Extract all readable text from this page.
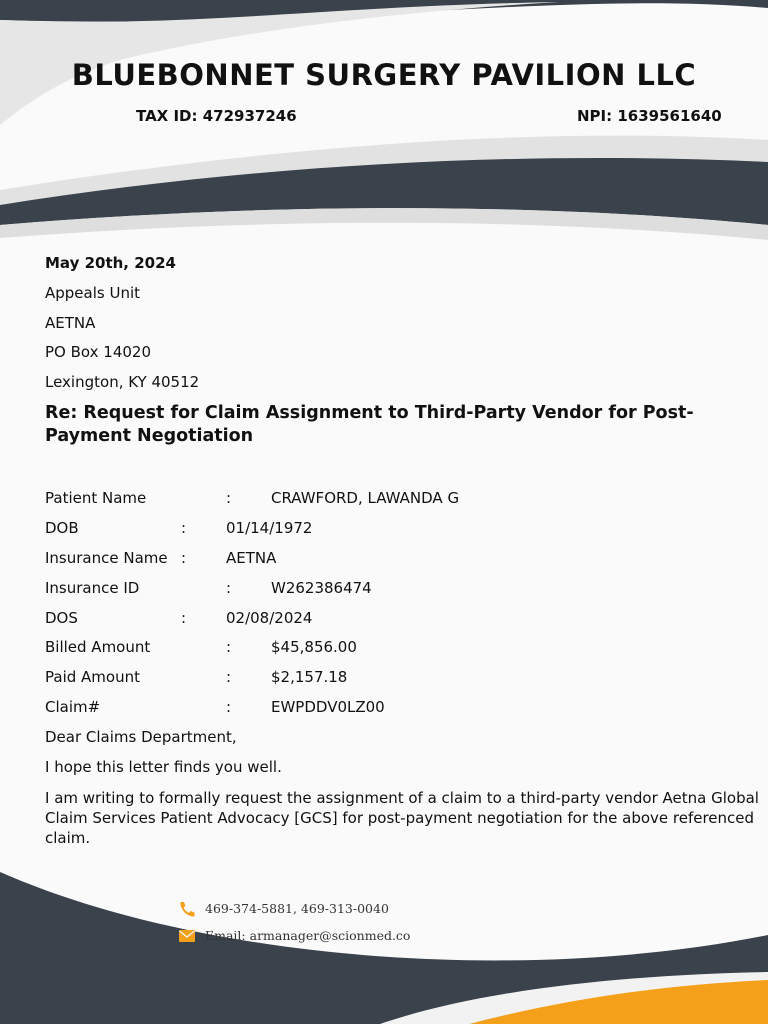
BLUEBONNET SURGERY PAVILION LLC
TAX ID: 472937246	NPI: 1639561640
May 20th, 2024
Appeals Unit
AETNA
PO Box 14020
Lexington, KY 40512
Re: Request for Claim Assignment to Third-Party Vendor for Post-Payment Negotiation
Patient Name	:	CRAWFORD, LAWANDA G
DOB	:	01/14/1972
Insurance Name :	AETNA
Insurance ID	:	W262386474
DOS	:	02/08/2024
Billed Amount	:	$45,856.00
Paid Amount	:	$2,157.18
Claim#	:	EWPDDV0LZ00
Dear Claims Department,
I hope this letter finds you well.
I am writing to formally request the assignment of a claim to a third-party vendor Aetna Global Claim Services Patient Advocacy [GCS] for post-payment negotiation for the above referenced claim.
469-374-5881, 469-313-0040
Email: armanager@scionmed.co
